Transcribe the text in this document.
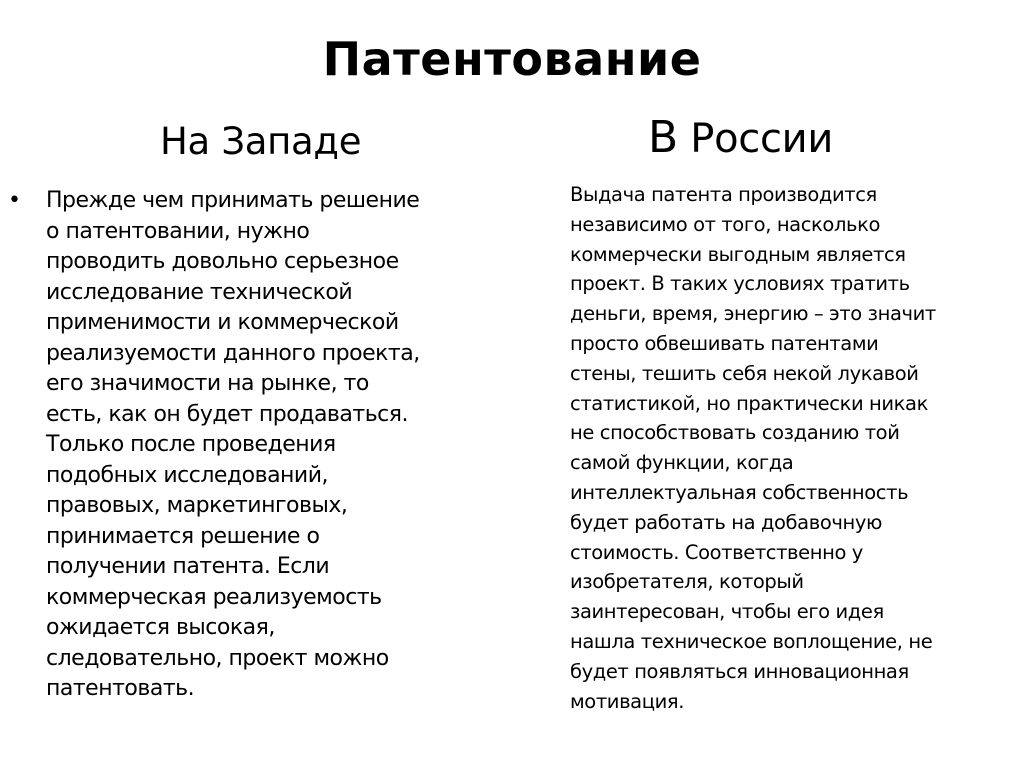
Патентование
На Западе	В России
• Прежде чем принимать решение
о патентовании, нужно
проводить довольно серьезное
исследование технической
применимости и коммерческой
реализуемости данного проекта,
его значимости на рынке, то
есть, как он будет продаваться.
Только после проведения
подобных исследований,
правовых, маркетинговых,
принимается решение о
получении патента. Если
коммерческая реализуемость
ожидается высокая,
следовательно, проект можно
патентовать.

Выдача патента производится
независимо от того, насколько
коммерчески выгодным является
проект. В таких условиях тратить
деньги, время, энергию – это значит
просто обвешивать патентами
стены, тешить себя некой лукавой
статистикой, но практически никак
не способствовать созданию той
самой функции, когда
интеллектуальная собственность
будет работать на добавочную
стоимость. Соответственно у
изобретателя, который
заинтересован, чтобы его идея
нашла техническое воплощение, не
будет появляться инновационная
мотивация.
